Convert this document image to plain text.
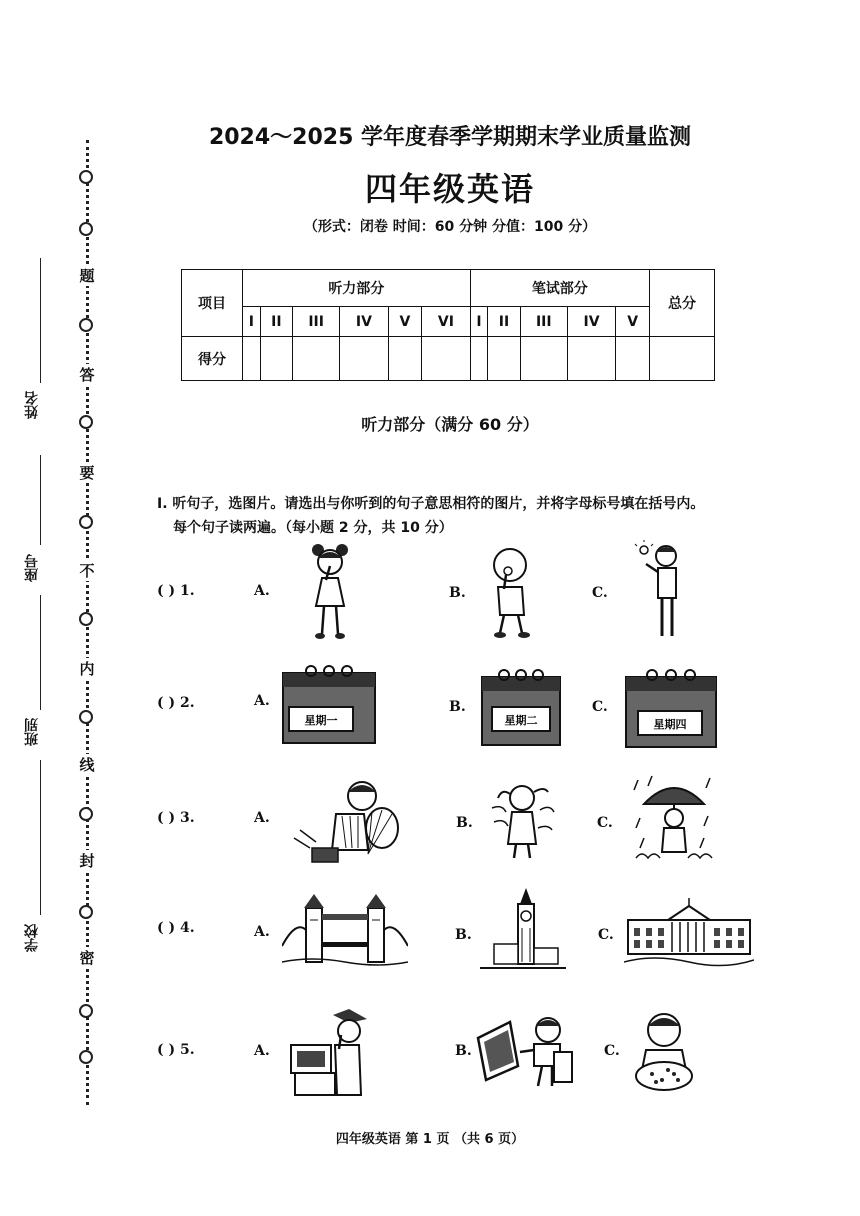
题
答
要
不
内
线
封
密
姓名
座号
班别
学校
2024～2025 学年度春季学期期末学业质量监测
四年级英语
（形式：闭卷 时间：60 分钟 分值：100 分）
项目	听力部分						笔试部分					总分
	I	II	III	IV	V	VI	I	II	III	IV	V	
得分												
听力部分（满分 60 分）
I. 听句子，选图片。请选出与你听到的句子意思相符的图片，并将字母标号填在括号内。
每个句子读两遍。（每小题 2 分，共 10 分）
( ) 1.	A.	B.	C.
( ) 2.	A.	B.	C.
星期一	星期二	星期四
( ) 3.	A.	B.	C.
( ) 4.	A.	B.	C.
( ) 5.	A.	B.	C.
四年级英语 第 1 页 （共 6 页）
